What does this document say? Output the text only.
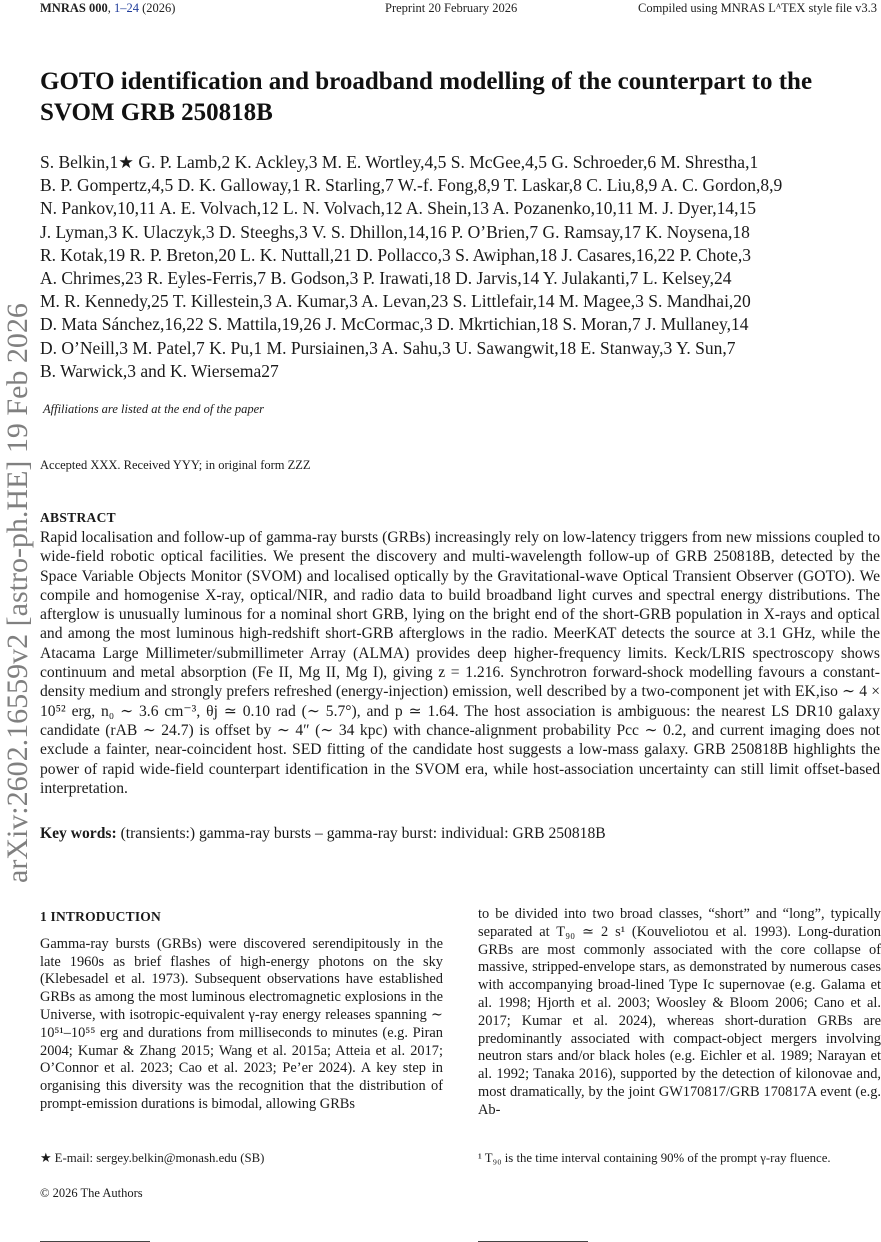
MNRAS 000, 1–24 (2026)	Preprint 20 February 2026	Compiled using MNRAS LᴬTEX style file v3.3
arXiv:2602.16559v2 [astro-ph.HE] 19 Feb 2026
GOTO identification and broadband modelling of the counterpart to the SVOM GRB 250818B
S. Belkin,1★ G. P. Lamb,2 K. Ackley,3 M. E. Wortley,4,5 S. McGee,4,5 G. Schroeder,6 M. Shrestha,1
B. P. Gompertz,4,5 D. K. Galloway,1 R. Starling,7 W.-f. Fong,8,9 T. Laskar,8 C. Liu,8,9 A. C. Gordon,8,9
N. Pankov,10,11 A. E. Volvach,12 L. N. Volvach,12 A. Shein,13 A. Pozanenko,10,11 M. J. Dyer,14,15
J. Lyman,3 K. Ulaczyk,3 D. Steeghs,3 V. S. Dhillon,14,16 P. O’Brien,7 G. Ramsay,17 K. Noysena,18
R. Kotak,19 R. P. Breton,20 L. K. Nuttall,21 D. Pollacco,3 S. Awiphan,18 J. Casares,16,22 P. Chote,3
A. Chrimes,23 R. Eyles-Ferris,7 B. Godson,3 P. Irawati,18 D. Jarvis,14 Y. Julakanti,7 L. Kelsey,24
M. R. Kennedy,25 T. Killestein,3 A. Kumar,3 A. Levan,23 S. Littlefair,14 M. Magee,3 S. Mandhai,20
D. Mata Sánchez,16,22 S. Mattila,19,26 J. McCormac,3 D. Mkrtichian,18 S. Moran,7 J. Mullaney,14
D. O’Neill,3 M. Patel,7 K. Pu,1 M. Pursiainen,3 A. Sahu,3 U. Sawangwit,18 E. Stanway,3 Y. Sun,7
B. Warwick,3 and K. Wiersema27
Affiliations are listed at the end of the paper
Accepted XXX. Received YYY; in original form ZZZ
ABSTRACT

Rapid localisation and follow-up of gamma-ray bursts (GRBs) increasingly rely on low-latency triggers from new missions coupled to wide-field robotic optical facilities. We present the discovery and multi-wavelength follow-up of GRB 250818B, detected by the Space Variable Objects Monitor (SVOM) and localised optically by the Gravitational-wave Optical Transient Observer (GOTO). We compile and homogenise X-ray, optical/NIR, and radio data to build broadband light curves and spectral energy distributions. The afterglow is unusually luminous for a nominal short GRB, lying on the bright end of the short-GRB population in X-rays and optical and among the most luminous high-redshift short-GRB afterglows in the radio. MeerKAT detects the source at 3.1 GHz, while the Atacama Large Millimeter/submillimeter Array (ALMA) provides deep higher-frequency limits. Keck/LRIS spectroscopy shows continuum and metal absorption (Fe II, Mg II, Mg I), giving z = 1.216. Synchrotron forward-shock modelling favours a constant-density medium and strongly prefers refreshed (energy-injection) emission, well described by a two-component jet with EK,iso ∼ 4 × 10⁵² erg, n₀ ∼ 3.6 cm⁻³, θj ≃ 0.10 rad (∼ 5.7°), and p ≃ 1.64. The host association is ambiguous: the nearest LS DR10 galaxy candidate (rAB ∼ 24.7) is offset by ∼ 4″ (∼ 34 kpc) with chance-alignment probability Pcc ∼ 0.2, and current imaging does not exclude a fainter, near-coincident host. SED fitting of the candidate host suggests a low-mass galaxy. GRB 250818B highlights the power of rapid wide-field counterpart identification in the SVOM era, while host-association uncertainty can still limit offset-based interpretation.

Key words: (transients:) gamma-ray bursts – gamma-ray burst: individual: GRB 250818B
1 INTRODUCTION

Gamma-ray bursts (GRBs) were discovered serendipitously in the late 1960s as brief flashes of high-energy photons on the sky (Klebesadel et al. 1973). Subsequent observations have established GRBs as among the most luminous electromagnetic explosions in the Universe, with isotropic-equivalent γ-ray energy releases spanning ∼ 10⁵¹–10⁵⁵ erg and durations from milliseconds to minutes (e.g. Piran 2004; Kumar & Zhang 2015; Wang et al. 2015a; Atteia et al. 2017; O’Connor et al. 2023; Cao et al. 2023; Pe’er 2024). A key step in organising this diversity was the recognition that the distribution of prompt-emission durations is bimodal, allowing GRBs

to be divided into two broad classes, “short” and “long”, typically separated at T₉₀ ≃ 2 s¹ (Kouveliotou et al. 1993). Long-duration GRBs are most commonly associated with the core collapse of massive, stripped-envelope stars, as demonstrated by numerous cases with accompanying broad-lined Type Ic supernovae (e.g. Galama et al. 1998; Hjorth et al. 2003; Woosley & Bloom 2006; Cano et al. 2017; Kumar et al. 2024), whereas short-duration GRBs are predominantly associated with compact-object mergers involving neutron stars and/or black holes (e.g. Eichler et al. 1989; Narayan et al. 1992; Tanaka 2016), supported by the detection of kilonovae and, most dramatically, by the joint GW170817/GRB 170817A event (e.g. Ab-

★ E-mail: sergey.belkin@monash.edu (SB)	¹ T₉₀ is the time interval containing 90% of the prompt γ-ray fluence.
© 2026 The Authors
